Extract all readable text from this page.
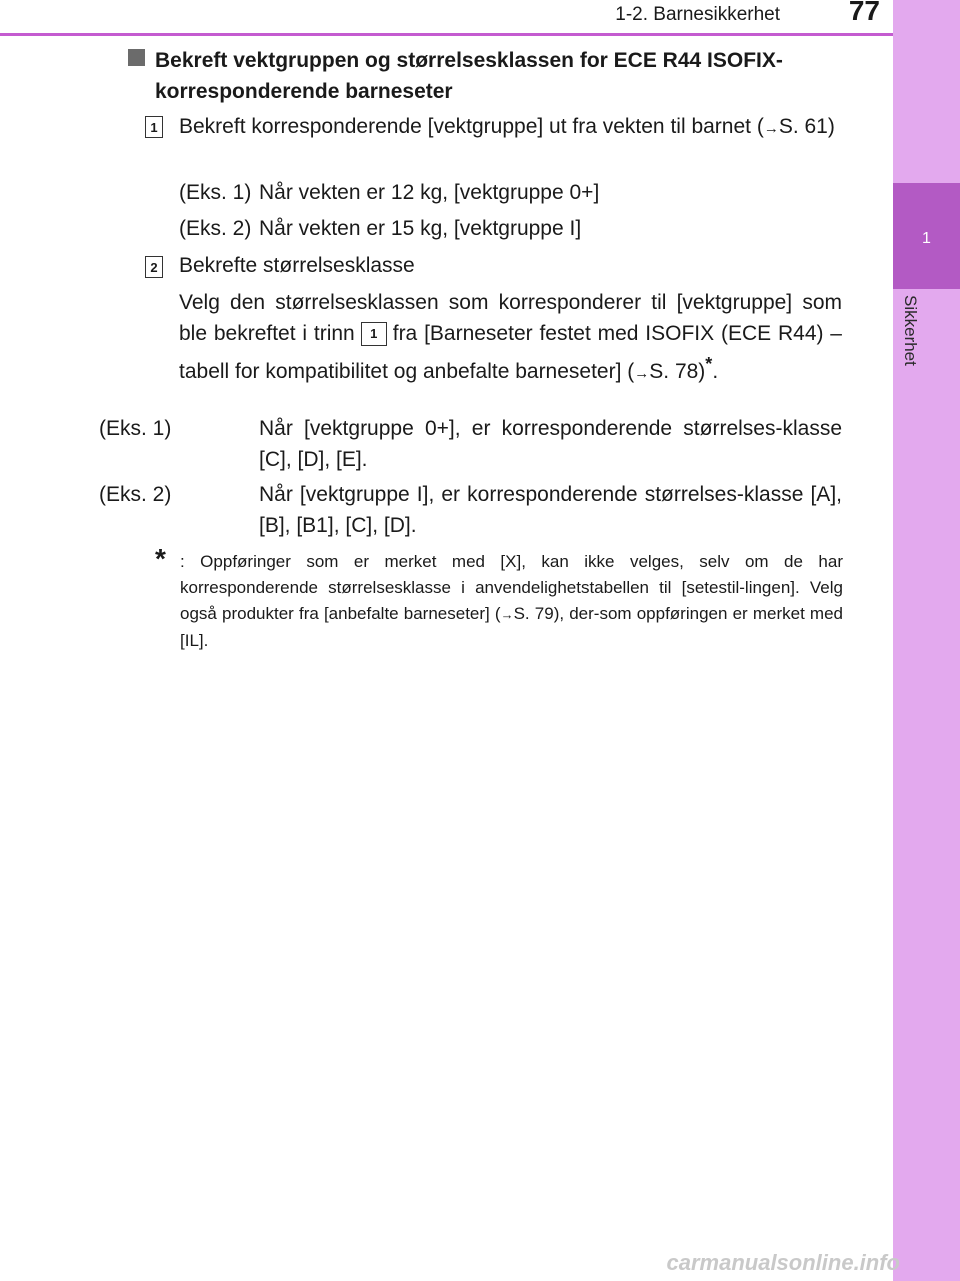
1-2. Barnesikkerhet	77
1
Sikkerhet
Bekreft vektgruppen og størrelsesklassen for ECE R44 ISOFIX-korresponderende barneseter
1 Bekreft korresponderende [vektgruppe] ut fra vekten til barnet (→S. 61)
(Eks. 1) Når vekten er 12 kg, [vektgruppe 0+]
(Eks. 2) Når vekten er 15 kg, [vektgruppe I]
2 Bekrefte størrelsesklasse
Velg den størrelsesklassen som korresponderer til [vektgruppe] som ble bekreftet i trinn 1 fra [Barneseter festet med ISOFIX (ECE R44) – tabell for kompatibilitet og anbefalte barneseter] (→S. 78)*.
(Eks. 1)	Når [vektgruppe 0+], er korresponderende størrelses-klasse [C], [D], [E].
(Eks. 2)	Når [vektgruppe I], er korresponderende størrelses-klasse [A], [B], [B1], [C], [D].
* : Oppføringer som er merket med [X], kan ikke velges, selv om de har korresponderende størrelsesklasse i anvendelighetstabellen til [setestil-lingen]. Velg også produkter fra [anbefalte barneseter] (→S. 79), der-som oppføringen er merket med [IL].
carmanualsonline.info
